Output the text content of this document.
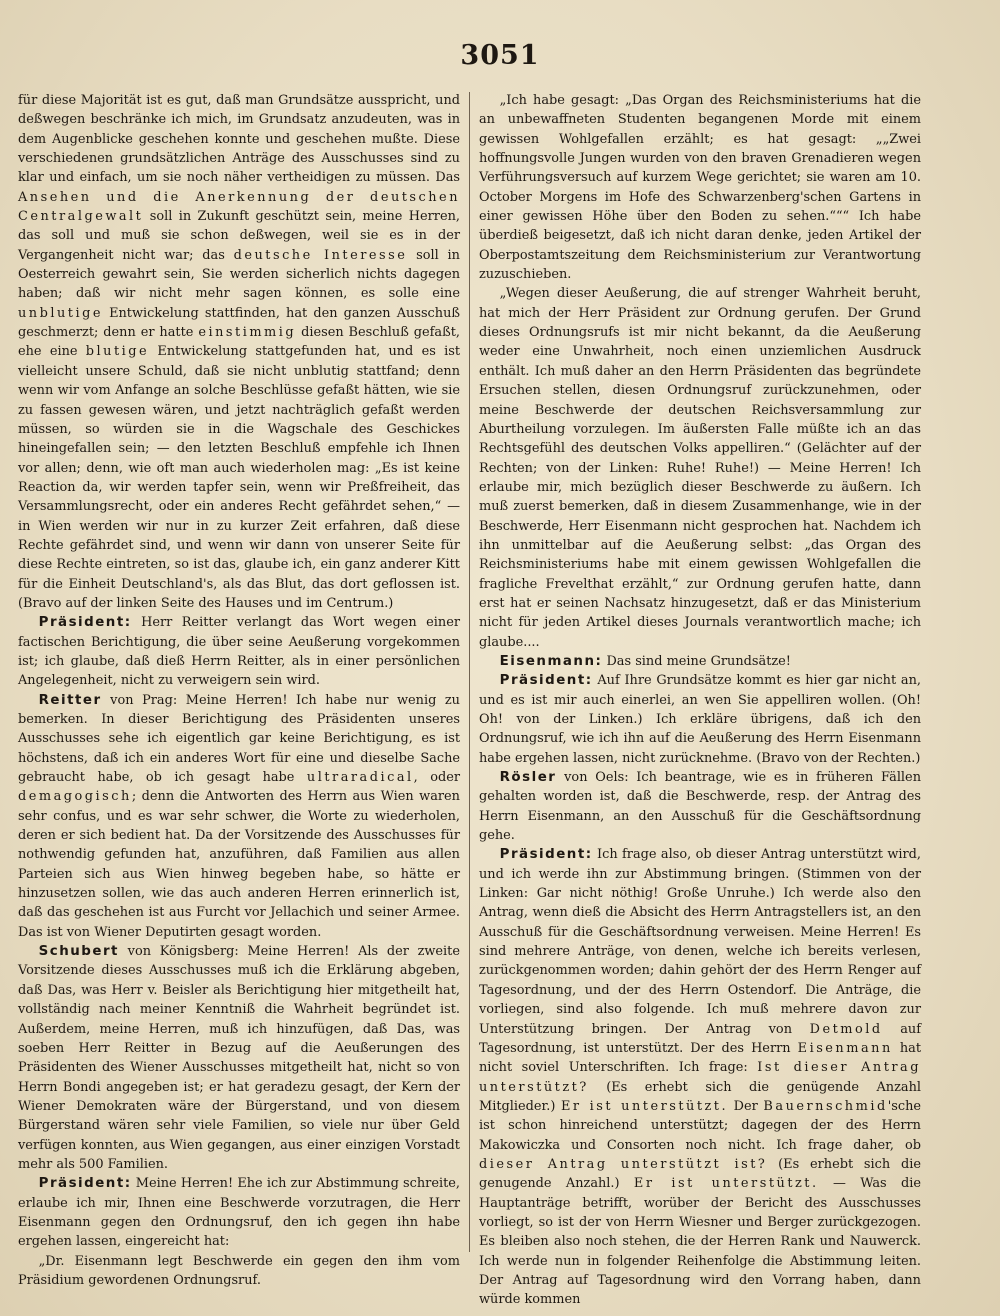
3051

für diese Majorität ist es gut, daß man Grundsätze ausspricht, und deßwegen beschränke ich mich, im Grundsatz anzudeuten, was in dem Augenblicke geschehen konnte und geschehen mußte. Diese verschiedenen grundsätzlichen Anträge des Ausschusses sind zu klar und einfach, um sie noch näher vertheidigen zu müssen. Das Ansehen und die Anerkennung der deutschen Centralgewalt soll in Zukunft geschützt sein, meine Herren, das soll und muß sie schon deßwegen, weil sie es in der Vergangenheit nicht war; das deutsche Interesse soll in Oesterreich gewahrt sein, Sie werden sicherlich nichts dagegen haben; daß wir nicht mehr sagen können, es solle eine unblutige Entwickelung stattfinden, hat den ganzen Ausschuß geschmerzt; denn er hatte einstimmig diesen Beschluß gefaßt, ehe eine blutige Entwickelung stattgefunden hat, und es ist vielleicht unsere Schuld, daß sie nicht unblutig stattfand; denn wenn wir vom Anfange an solche Beschlüsse gefaßt hätten, wie sie zu fassen gewesen wären, und jetzt nachträglich gefaßt werden müssen, so würden sie in die Wagschale des Geschickes hineingefallen sein; — den letzten Beschluß empfehle ich Ihnen vor allen; denn, wie oft man auch wiederholen mag: „Es ist keine Reaction da, wir werden tapfer sein, wenn wir Preßfreiheit, das Versammlungsrecht, oder ein anderes Recht gefährdet sehen,“ — in Wien werden wir nur in zu kurzer Zeit erfahren, daß diese Rechte gefährdet sind, und wenn wir dann von unserer Seite für diese Rechte eintreten, so ist das, glaube ich, ein ganz anderer Kitt für die Einheit Deutschland's, als das Blut, das dort geflossen ist. (Bravo auf der linken Seite des Hauses und im Centrum.)

Präsident: Herr Reitter verlangt das Wort wegen einer factischen Berichtigung, die über seine Aeußerung vorgekommen ist; ich glaube, daß dieß Herrn Reitter, als in einer persönlichen Angelegenheit, nicht zu verweigern sein wird.

Reitter von Prag: Meine Herren! Ich habe nur wenig zu bemerken. In dieser Berichtigung des Präsidenten unseres Ausschusses sehe ich eigentlich gar keine Berichtigung, es ist höchstens, daß ich ein anderes Wort für eine und dieselbe Sache gebraucht habe, ob ich gesagt habe ultraradical, oder demagogisch; denn die Antworten des Herrn aus Wien waren sehr confus, und es war sehr schwer, die Worte zu wiederholen, deren er sich bedient hat. Da der Vorsitzende des Ausschusses für nothwendig gefunden hat, anzuführen, daß Familien aus allen Parteien sich aus Wien hinweg begeben habe, so hätte er hinzusetzen sollen, wie das auch anderen Herren erinnerlich ist, daß das geschehen ist aus Furcht vor Jellachich und seiner Armee. Das ist von Wiener Deputirten gesagt worden.

Schubert von Königsberg: Meine Herren! Als der zweite Vorsitzende dieses Ausschusses muß ich die Erklärung abgeben, daß Das, was Herr v. Beisler als Berichtigung hier mitgetheilt hat, vollständig nach meiner Kenntniß die Wahrheit begründet ist. Außerdem, meine Herren, muß ich hinzufügen, daß Das, was soeben Herr Reitter in Bezug auf die Aeußerungen des Präsidenten des Wiener Ausschusses mitgetheilt hat, nicht so von Herrn Bondi angegeben ist; er hat geradezu gesagt, der Kern der Wiener Demokraten wäre der Bürgerstand, und von diesem Bürgerstand wären sehr viele Familien, so viele nur über Geld verfügen konnten, aus Wien gegangen, aus einer einzigen Vorstadt mehr als 500 Familien.

Präsident: Meine Herren! Ehe ich zur Abstimmung schreite, erlaube ich mir, Ihnen eine Beschwerde vorzutragen, die Herr Eisenmann gegen den Ordnungsruf, den ich gegen ihn habe ergehen lassen, eingereicht hat:

„Dr. Eisenmann legt Beschwerde ein gegen den ihm vom Präsidium gewordenen Ordnungsruf.

„Ich habe gesagt: „Das Organ des Reichsministeriums hat die an unbewaffneten Studenten begangenen Morde mit einem gewissen Wohlgefallen erzählt; es hat gesagt: „„Zwei hoffnungsvolle Jungen wurden von den braven Grenadieren wegen Verführungsversuch auf kurzem Wege gerichtet; sie waren am 10. October Morgens im Hofe des Schwarzenberg'schen Gartens in einer gewissen Höhe über den Boden zu sehen.“““ Ich habe überdieß beigesetzt, daß ich nicht daran denke, jeden Artikel der Oberpostamtszeitung dem Reichsministerium zur Verantwortung zuzuschieben.

„Wegen dieser Aeußerung, die auf strenger Wahrheit beruht, hat mich der Herr Präsident zur Ordnung gerufen. Der Grund dieses Ordnungsrufs ist mir nicht bekannt, da die Aeußerung weder eine Unwahrheit, noch einen unziemlichen Ausdruck enthält. Ich muß daher an den Herrn Präsidenten das begründete Ersuchen stellen, diesen Ordnungsruf zurückzunehmen, oder meine Beschwerde der deutschen Reichsversammlung zur Aburtheilung vorzulegen. Im äußersten Falle müßte ich an das Rechtsgefühl des deutschen Volks appelliren.“ (Gelächter auf der Rechten; von der Linken: Ruhe! Ruhe!) — Meine Herren! Ich erlaube mir, mich bezüglich dieser Beschwerde zu äußern. Ich muß zuerst bemerken, daß in diesem Zusammenhange, wie in der Beschwerde, Herr Eisenmann nicht gesprochen hat. Nachdem ich ihn unmittelbar auf die Aeußerung selbst: „das Organ des Reichsministeriums habe mit einem gewissen Wohlgefallen die fragliche Frevelthat erzählt,“ zur Ordnung gerufen hatte, dann erst hat er seinen Nachsatz hinzugesetzt, daß er das Ministerium nicht für jeden Artikel dieses Journals verantwortlich mache; ich glaube....

Eisenmann: Das sind meine Grundsätze!

Präsident: Auf Ihre Grundsätze kommt es hier gar nicht an, und es ist mir auch einerlei, an wen Sie appelliren wollen. (Oh! Oh! von der Linken.) Ich erkläre übrigens, daß ich den Ordnungsruf, wie ich ihn auf die Aeußerung des Herrn Eisenmann habe ergehen lassen, nicht zurücknehme. (Bravo von der Rechten.)

Rösler von Oels: Ich beantrage, wie es in früheren Fällen gehalten worden ist, daß die Beschwerde, resp. der Antrag des Herrn Eisenmann, an den Ausschuß für die Geschäftsordnung gehe.

Präsident: Ich frage also, ob dieser Antrag unterstützt wird, und ich werde ihn zur Abstimmung bringen. (Stimmen von der Linken: Gar nicht nöthig! Große Unruhe.) Ich werde also den Antrag, wenn dieß die Absicht des Herrn Antragstellers ist, an den Ausschuß für die Geschäftsordnung verweisen. Meine Herren! Es sind mehrere Anträge, von denen, welche ich bereits verlesen, zurückgenommen worden; dahin gehört der des Herrn Renger auf Tagesordnung, und der des Herrn Ostendorf. Die Anträge, die vorliegen, sind also folgende. Ich muß mehrere davon zur Unterstützung bringen. Der Antrag von Detmold auf Tagesordnung, ist unterstützt. Der des Herrn Eisenmann hat nicht soviel Unterschriften. Ich frage: Ist dieser Antrag unterstützt? (Es erhebt sich die genügende Anzahl Mitglieder.) Er ist unterstützt. Der Bauernschmid'sche ist schon hinreichend unterstützt; dagegen der des Herrn Makowiczka und Consorten noch nicht. Ich frage daher, ob dieser Antrag unterstützt ist? (Es erhebt sich die genugende Anzahl.) Er ist unterstützt. — Was die Hauptanträge betrifft, worüber der Bericht des Ausschusses vorliegt, so ist der von Herrn Wiesner und Berger zurückgezogen. Es bleiben also noch stehen, die der Herren Rank und Nauwerck. Ich werde nun in folgender Reihenfolge die Abstimmung leiten. Der Antrag auf Tagesordnung wird den Vorrang haben, dann würde kommen
